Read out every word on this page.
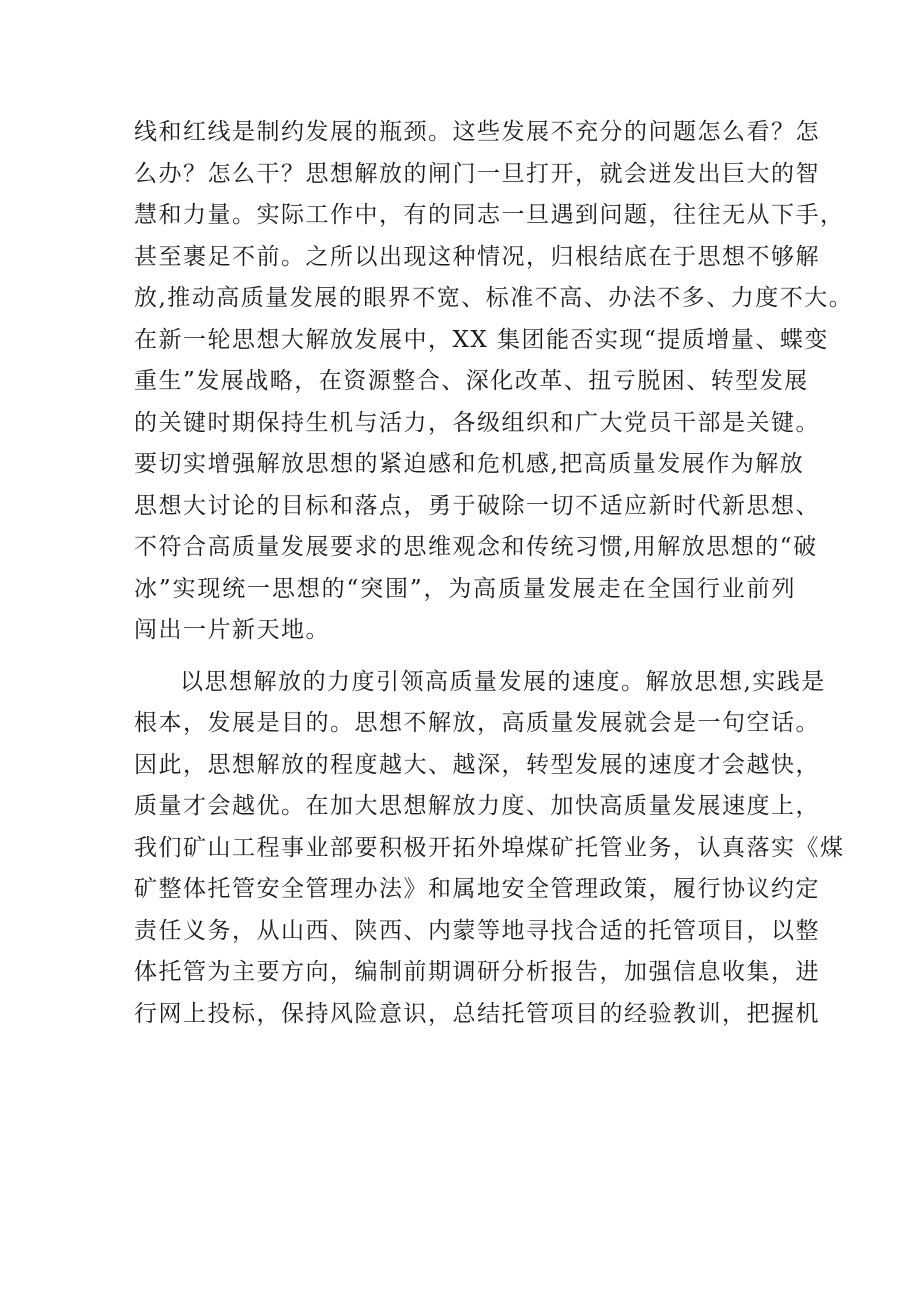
线和红线是制约发展的瓶颈。这些发展不充分的问题怎么看？怎
么办？怎么干？思想解放的闸门一旦打开，就会迸发出巨大的智
慧和力量。实际工作中，有的同志一旦遇到问题，往往无从下手，
甚至裹足不前。之所以出现这种情况，归根结底在于思想不够解
放,推动高质量发展的眼界不宽、标准不高、办法不多、力度不大。
在新一轮思想大解放发展中，XX 集团能否实现“提质增量、蝶变
重生”发展战略，在资源整合、深化改革、扭亏脱困、转型发展
的关键时期保持生机与活力，各级组织和广大党员干部是关键。
要切实增强解放思想的紧迫感和危机感,把高质量发展作为解放
思想大讨论的目标和落点，勇于破除一切不适应新时代新思想、
不符合高质量发展要求的思维观念和传统习惯,用解放思想的“破
冰”实现统一思想的“突围”，为高质量发展走在全国行业前列
闯出一片新天地。
以思想解放的力度引领高质量发展的速度。解放思想,实践是
根本，发展是目的。思想不解放，高质量发展就会是一句空话。
因此，思想解放的程度越大、越深，转型发展的速度才会越快，
质量才会越优。在加大思想解放力度、加快高质量发展速度上，
我们矿山工程事业部要积极开拓外埠煤矿托管业务，认真落实《煤
矿整体托管安全管理办法》和属地安全管理政策，履行协议约定
责任义务，从山西、陕西、内蒙等地寻找合适的托管项目，以整
体托管为主要方向，编制前期调研分析报告，加强信息收集，进
行网上投标，保持风险意识，总结托管项目的经验教训，把握机
